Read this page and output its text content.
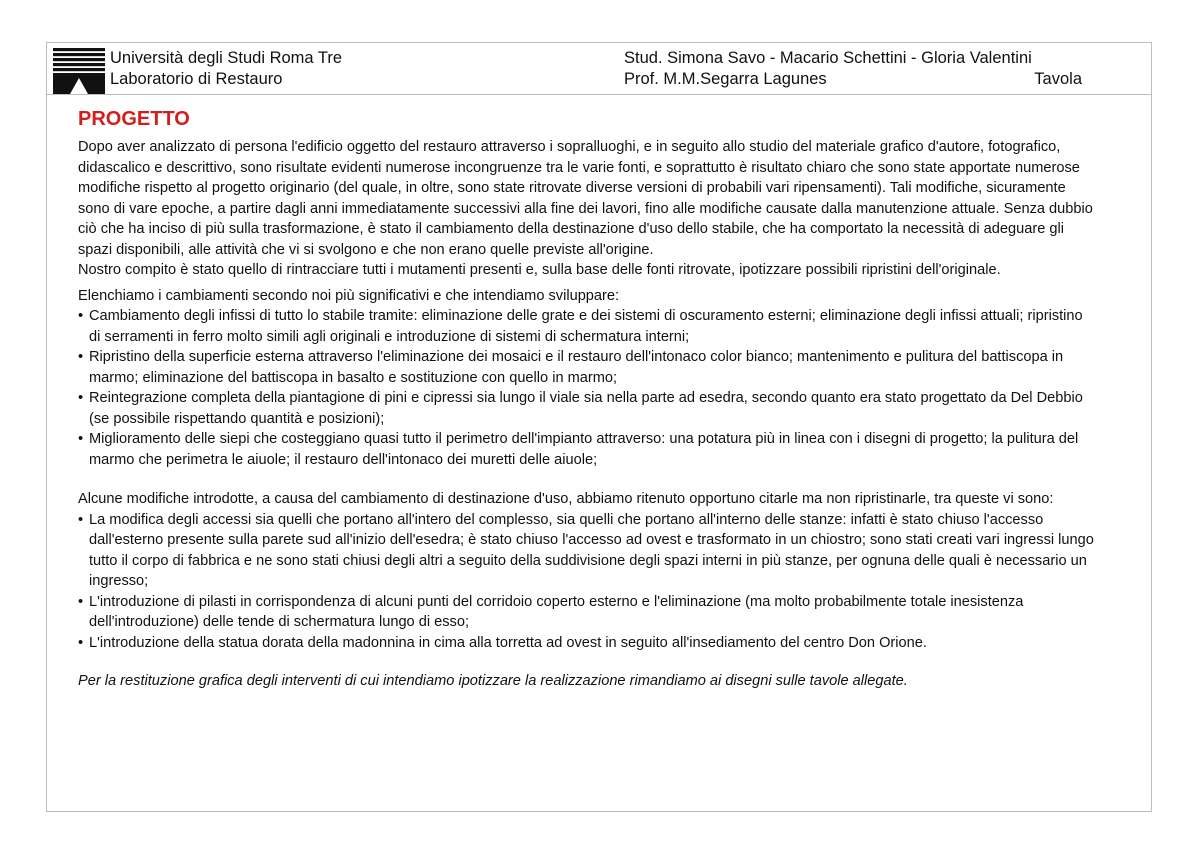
Università degli Studi Roma Tre
Laboratorio di Restauro
Stud. Simona Savo - Macario Schettini - Gloria Valentini
Prof. M.M.Segarra Lagunes	Tavola
PROGETTO

Dopo aver analizzato di persona l'edificio oggetto del restauro attraverso i sopralluoghi, e in seguito allo studio del materiale grafico d'autore, fotografico, didascalico e descrittivo, sono risultate evidenti numerose incongruenze tra le varie fonti, e soprattutto è risultato chiaro che sono state apportate numerose modifiche rispetto al progetto originario (del quale, in oltre, sono state ritrovate diverse versioni di probabili vari ripensamenti). Tali modifiche, sicuramente sono di vare epoche, a partire dagli anni immediatamente successivi alla fine dei lavori, fino alle modifiche causate dalla manutenzione attuale. Senza dubbio ciò che ha inciso di più sulla trasformazione, è stato il cambiamento della destinazione d'uso dello stabile, che ha comportato la necessità di adeguare gli spazi disponibili, alle attività che vi si svolgono e che non erano quelle previste all'origine.

Nostro compito è stato quello di rintracciare tutti i mutamenti presenti e, sulla base delle fonti ritrovate, ipotizzare possibili ripristini dell'originale.

Elenchiamo i cambiamenti secondo noi più significativi e che intendiamo sviluppare:

• Cambiamento degli infissi di tutto lo stabile tramite: eliminazione delle grate e dei sistemi di oscuramento esterni; eliminazione degli infissi attuali; ripristino di serramenti in ferro molto simili agli originali e introduzione di sistemi di schermatura interni;
• Ripristino della superficie esterna attraverso l'eliminazione dei mosaici e il restauro dell'intonaco color bianco; mantenimento e pulitura del battiscopa in marmo; eliminazione del battiscopa in basalto e sostituzione con quello in marmo;
• Reintegrazione completa della piantagione di pini e cipressi sia lungo il viale sia nella parte ad esedra, secondo quanto era stato progettato da Del Debbio (se possibile rispettando quantità e posizioni);
• Miglioramento delle siepi che costeggiano quasi tutto il perimetro dell'impianto attraverso: una potatura più in linea con i disegni di progetto; la pulitura del marmo che perimetra le aiuole; il restauro dell'intonaco dei muretti delle aiuole;

Alcune modifiche introdotte, a causa del cambiamento di destinazione d'uso, abbiamo ritenuto opportuno citarle ma non ripristinarle, tra queste vi sono:

• La modifica degli accessi sia quelli che portano all'intero del complesso, sia quelli che portano all'interno delle stanze: infatti è stato chiuso l'accesso dall'esterno presente sulla parete sud all'inizio dell'esedra; è stato chiuso l'accesso ad ovest e trasformato in un chiostro; sono stati creati vari ingressi lungo tutto il corpo di fabbrica e ne sono stati chiusi degli altri a seguito della suddivisione degli spazi interni in più stanze, per ognuna delle quali è necessario un ingresso;
• L'introduzione di pilasti in corrispondenza di alcuni punti del corridoio coperto esterno e l'eliminazione (ma molto probabilmente totale inesistenza dell'introduzione) delle tende di schermatura lungo di esso;
• L'introduzione della statua dorata della madonnina in cima alla torretta ad ovest in seguito all'insediamento del centro Don Orione.

Per la restituzione grafica degli interventi di cui intendiamo ipotizzare la realizzazione rimandiamo ai disegni sulle tavole allegate.
